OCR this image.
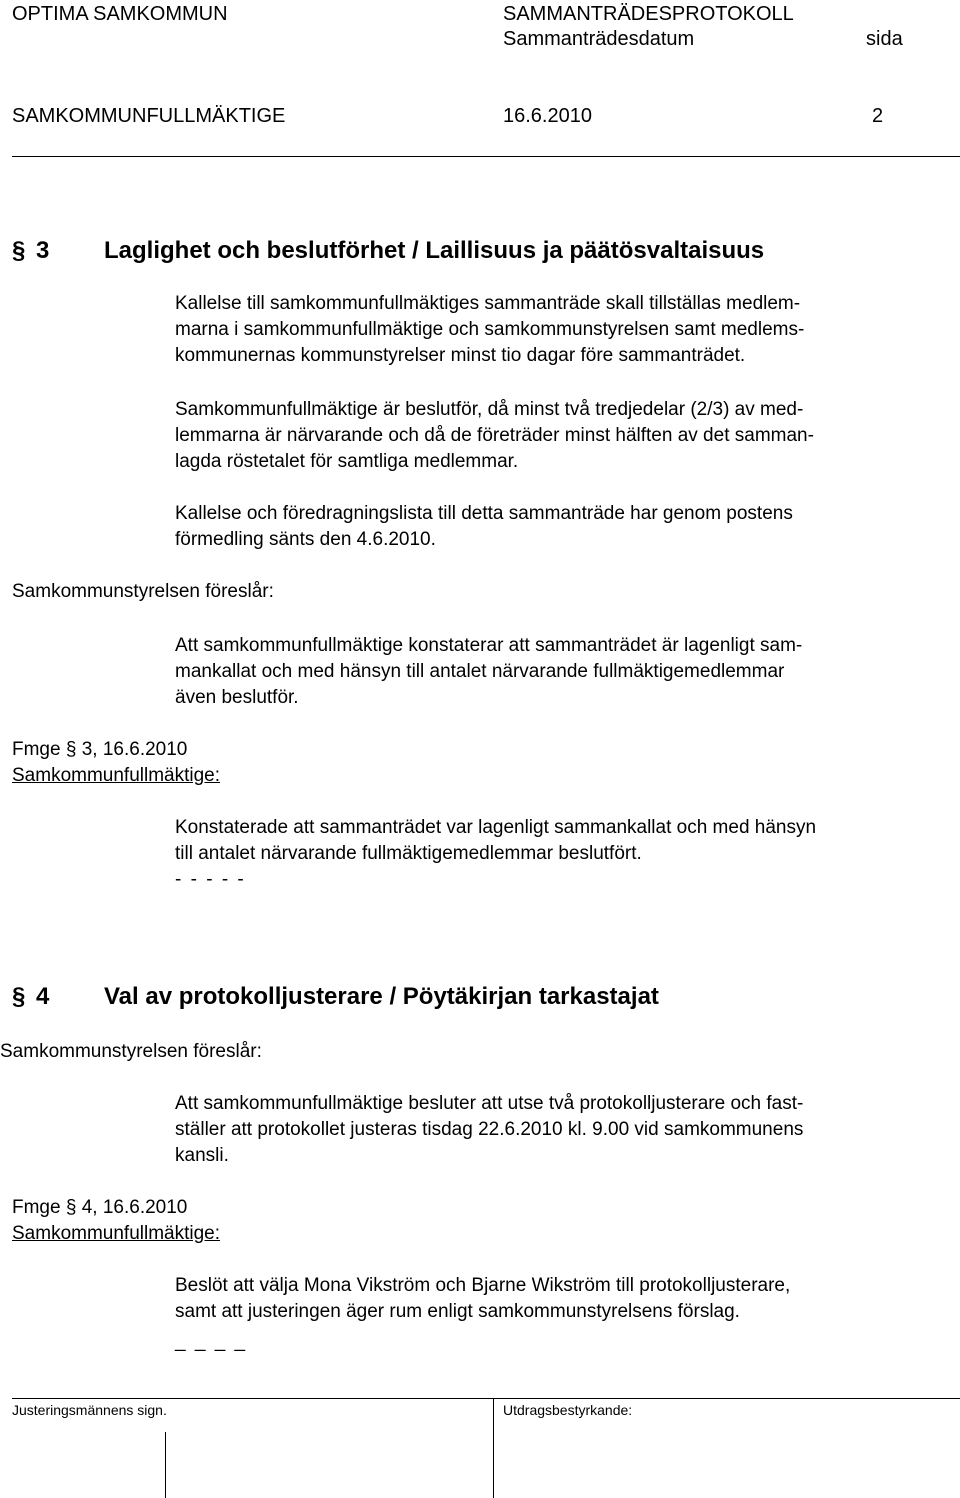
OPTIMA SAMKOMMUN	SAMMANTRÄDESPROTOKOLL
Sammanträdesdatum	sida
SAMKOMMUNFULLMÄKTIGE	16.6.2010	2
§ 3 Laglighet och beslutförhet / Laillisuus ja päätösvaltaisuus
Kallelse till samkommunfullmäktiges sammanträde skall tillställas medlem-
marna i samkommunfullmäktige och samkommunstyrelsen samt medlems-
kommunernas kommunstyrelser minst tio dagar före sammanträdet.
Samkommunfullmäktige är beslutför, då minst två tredjedelar (2/3) av med-
lemmarna är närvarande och då de företräder minst hälften av det samman-
lagda röstetalet för samtliga medlemmar.
Kallelse och föredragningslista till detta sammanträde har genom postens
förmedling sänts den 4.6.2010.
Samkommunstyrelsen föreslår:
Att samkommunfullmäktige konstaterar att sammanträdet är lagenligt sam-
mankallat och med hänsyn till antalet närvarande fullmäktigemedlemmar
även beslutför.
Fmge § 3, 16.6.2010
Samkommunfullmäktige:
Konstaterade att sammanträdet var lagenligt sammankallat och med hänsyn
till antalet närvarande fullmäktigemedlemmar beslutfört.
- - - - -
§ 4 Val av protokolljusterare / Pöytäkirjan tarkastajat
Samkommunstyrelsen föreslår:
Att samkommunfullmäktige besluter att utse två protokolljusterare och fast-
ställer att protokollet justeras tisdag 22.6.2010 kl. 9.00 vid samkommunens
kansli.
Fmge § 4, 16.6.2010
Samkommunfullmäktige:
Beslöt att välja Mona Vikström och Bjarne Wikström till protokolljusterare,
samt att justeringen äger rum enligt samkommunstyrelsens förslag.
_ _ _ _
Justeringsmännens sign.	Utdragsbestyrkande:
